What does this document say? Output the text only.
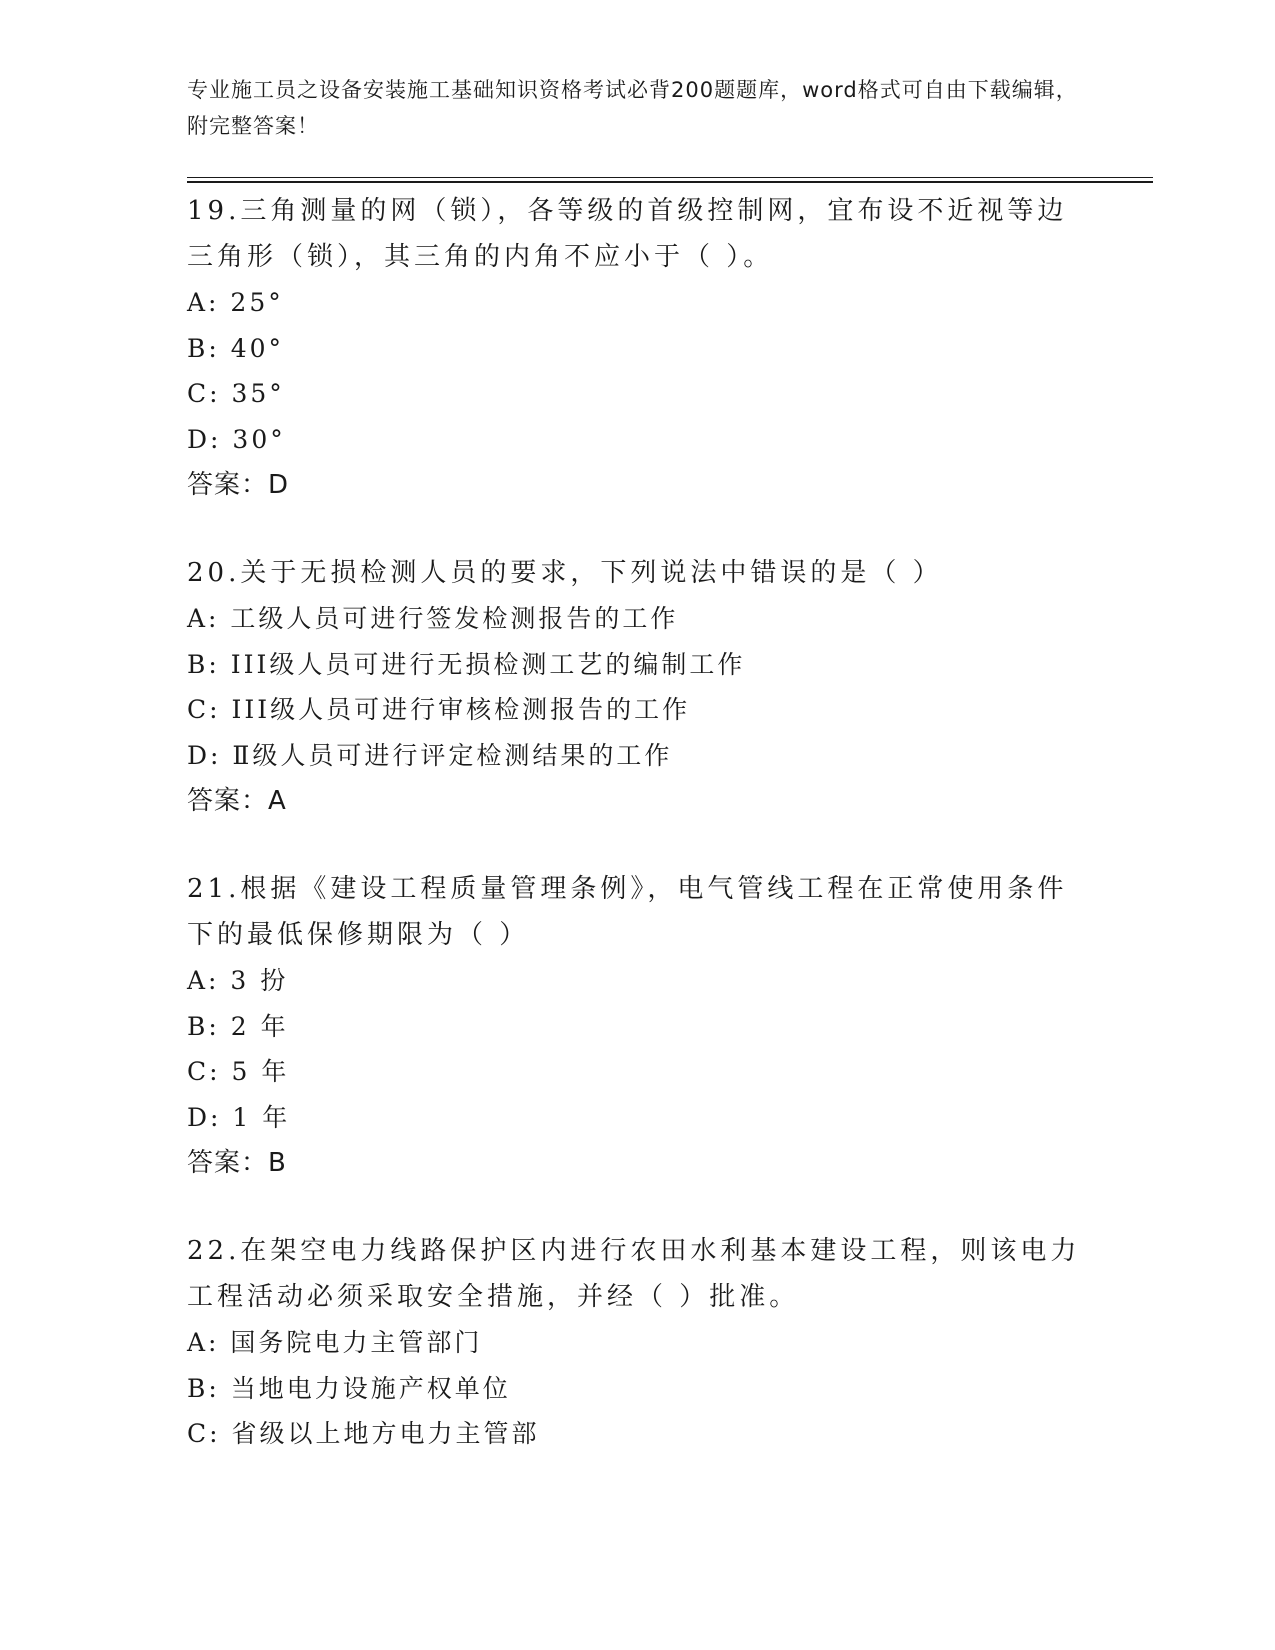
专业施工员之设备安装施工基础知识资格考试必背200题题库，word格式可自由下载编辑，附完整答案！

19.三角测量的网（锁），各等级的首级控制网，宜布设不近视等边三角形（锁），其三角的内角不应小于（ ）。

A: 25°

B: 40°

C: 35°

D: 30°

答案：D

20.关于无损检测人员的要求，下列说法中错误的是（ ）

A: 工级人员可进行签发检测报告的工作

B: III级人员可进行无损检测工艺的编制工作

C: III级人员可进行审核检测报告的工作

D: Ⅱ级人员可进行评定检测结果的工作

答案：A

21.根据《建设工程质量管理条例》，电气管线工程在正常使用条件下的最低保修期限为（ ）

A: 3 扮

B: 2 年

C: 5 年

D: 1 年

答案：B

22.在架空电力线路保护区内进行农田水利基本建设工程，则该电力工程活动必须采取安全措施，并经（ ）批准。

A: 国务院电力主管部门

B: 当地电力设施产权单位

C: 省级以上地方电力主管部
